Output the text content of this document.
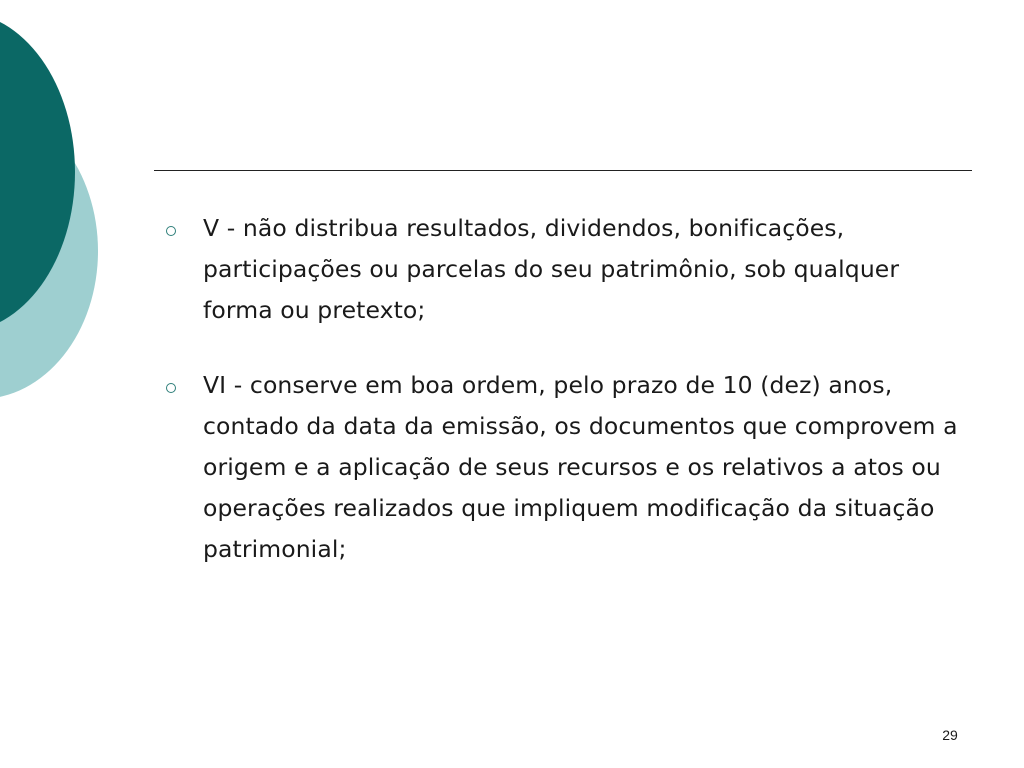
V - não distribua resultados, dividendos, bonificações, participações ou parcelas do seu patrimônio, sob qualquer forma ou pretexto;
VI - conserve em boa ordem, pelo prazo de 10 (dez) anos, contado da data da emissão, os documentos que comprovem a origem e a aplicação de seus recursos e os relativos a atos ou operações realizados que impliquem modificação da situação patrimonial;
29
